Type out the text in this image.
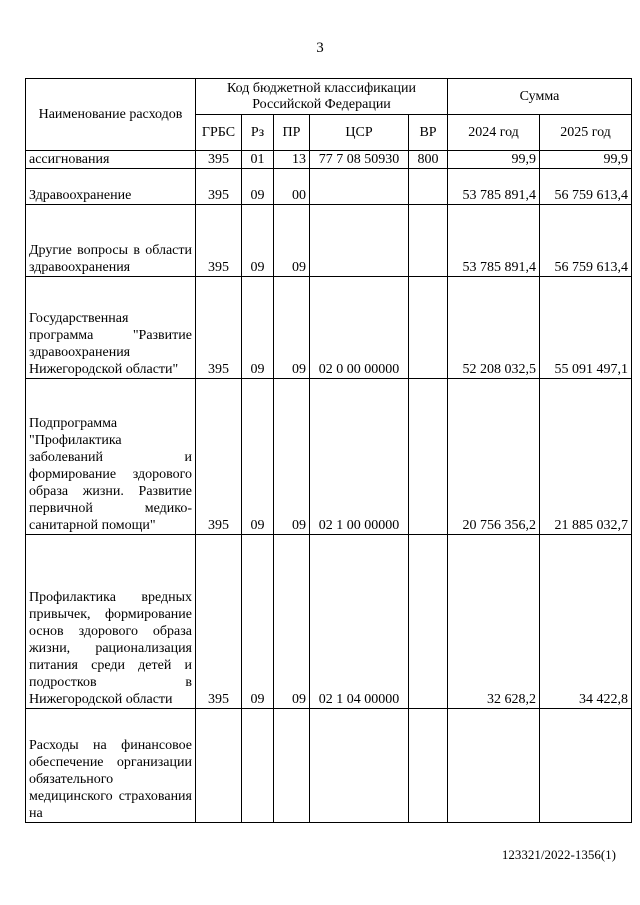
3
Наименование расходов	Код бюджетной классификации Российской Федерации					Сумма	
	ГРБС	Рз	ПР	ЦСР	ВР	2024 год	2025 год
ассигнования	395	01	13	77 7 08 50930	800	99,9	99,9
Здравоохранение	395	09	00			53 785 891,4	56 759 613,4
Другие вопросы в области здравоохранения	395	09	09			53 785 891,4	56 759 613,4
Государственная программа "Развитие здравоохранения Нижегородской области"	395	09	09	02 0 00 00000		52 208 032,5	55 091 497,1
Подпрограмма "Профилактика заболеваний и формирование здорового образа жизни. Развитие первичной медико-санитарной помощи"	395	09	09	02 1 00 00000		20 756 356,2	21 885 032,7
Профилактика вредных привычек, формирование основ здорового образа жизни, рационализация питания среди детей и подростков в Нижегородской области	395	09	09	02 1 04 00000		32 628,2	34 422,8
Расходы на финансовое обеспечение организации обязательного медицинского страхования на							
123321/2022-1356(1)
